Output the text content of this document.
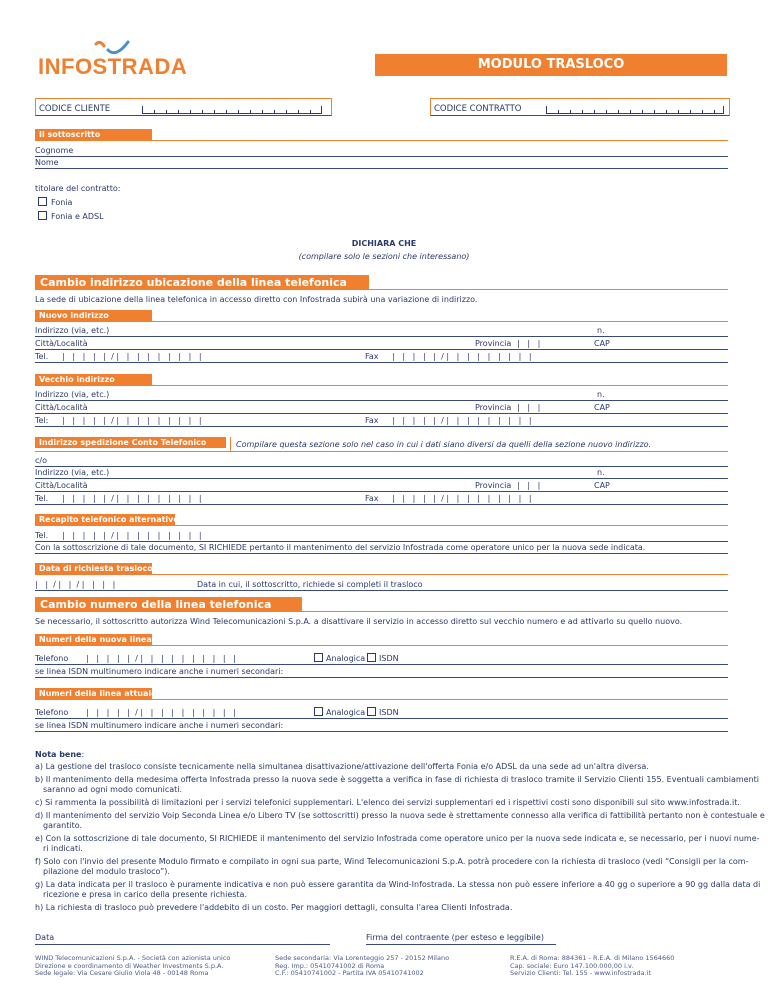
INFOSTRADA	MODULO TRASLOCO
CODICE CLIENTE	CODICE CONTRATTO
Il sottoscritto
Cognome
Nome
titolare del contratto:
Fonia
Fonia e ADSL
DICHIARA CHE
(compilare solo le sezioni che interessano)
Cambio indirizzo ubicazione della linea telefonica
La sede di ubicazione della linea telefonica in accesso diretto con Infostrada subirà una variazione di indirizzo.
Nuovo indirizzo
Indirizzo (via, etc.)	n.
Città/Località	Provincia |   |   |	CAP
Tel. |   |   |   |   |  / |   |   |   |   |   |   |   |   |	Fax |   |   |   |   |  / |   |   |   |   |   |   |   |   |
Vecchio indirizzo
Indirizzo (via, etc.)	n.
Città/Località	Provincia |   |   |	CAP
Tel: |   |   |   |   |  / |   |   |   |   |   |   |   |   |	Fax |   |   |   |   |  / |   |   |   |   |   |   |   |   |
Indirizzo spedizione Conto Telefonico	Compilare questa sezione solo nel caso in cui i dati siano diversi da quelli della sezione nuovo indirizzo.
c/o
Indirizzo (via, etc.)	n.
Città/Località	Provincia |   |   |	CAP
Tel. |   |   |   |   |  / |   |   |   |   |   |   |   |   |	Fax |   |   |   |   |  / |   |   |   |   |   |   |   |   |
Recapito telefonico alternativo
Tel. |   |   |   |   |  / |   |   |   |   |   |   |   |   |
Con la sottoscrizione di tale documento, SI RICHIEDE pertanto il mantenimento del servizio Infostrada come operatore unico per la nuova sede indicata.
Data di richiesta trasloco
|   |  / |   |  / |   |   |   |	Data in cui, il sottoscritto, richiede si completi il trasloco
Cambio numero della linea telefonica
Se necessario, il sottoscritto autorizza Wind Telecomunicazioni S.p.A. a disattivare il servizio in accesso diretto sul vecchio numero e ad attivarlo su quello nuovo.
Numeri della nuova linea
Telefono |   |   |   |   |  / |   |   |   |   |   |   |   |   |   |	Analogica ISDN
se linea ISDN multinumero indicare anche i numeri secondari:
Numeri della linea attuale
Telefono |   |   |   |   |  / |   |   |   |   |   |   |   |   |   |	Analogica ISDN
se linea ISDN multinumero indicare anche i numeri secondari:
Nota bene:
a) La gestione del trasloco consiste tecnicamente nella simultanea disattivazione/attivazione dell'offerta Fonia e/o ADSL da una sede ad un'altra diversa.
b) Il mantenimento della medesima offerta Infostrada presso la nuova sede è soggetta a verifica in fase di richiesta di trasloco tramite il Servizio Clienti 155. Eventuali cambiamenti
saranno ad ogni modo comunicati.
c) Si rammenta la possibilità di limitazioni per i servizi telefonici supplementari. L'elenco dei servizi supplementari ed i rispettivi costi sono disponibili sul sito www.infostrada.it.
d) Il mantenimento del servizio Voip Seconda Linea e/o Libero TV (se sottoscritti) presso la nuova sede è strettamente connesso alla verifica di fattibilità pertanto non è contestuale e
garantito.
e) Con la sottoscrizione di tale documento, SI RICHIEDE il mantenimento del servizio Infostrada come operatore unico per la nuova sede indicata e, se necessario, per i nuovi nume-
ri indicati.
f) Solo con l'invio del presente Modulo firmato e compilato in ogni sua parte, Wind Telecomunicazioni S.p.A. potrà procedere con la richiesta di trasloco (vedi “Consigli per la com-
pilazione del modulo trasloco”).
g) La data indicata per il trasloco è puramente indicativa e non può essere garantita da Wind-Infostrada. La stessa non può essere inferiore a 40 gg o superiore a 90 gg dalla data di
ricezione e presa in carico della presente richiesta.
h) La richiesta di trasloco può prevedere l'addebito di un costo. Per maggiori dettagli, consulta l'area Clienti Infostrada.
Data	Firma del contraente (per esteso e leggibile)
WIND Telecomunicazioni S.p.A. - Società con azionista unico
Direzione e coordinamento di Weather Investments S.p.A.
Sede legale: Via Cesare Giulio Viola 48 - 00148 Roma
Sede secondaria: Via Lorenteggio 257 - 20152 Milano
Reg. Imp.: 05410741002 di Roma
C.F.: 05410741002 - Partita IVA 05410741002
R.E.A. di Roma: 884361 - R.E.A. di Milano 1564660
Cap. sociale: Euro 147.100.000,00 i.v.
Servizio Clienti: Tel. 155 - www.infostrada.it
